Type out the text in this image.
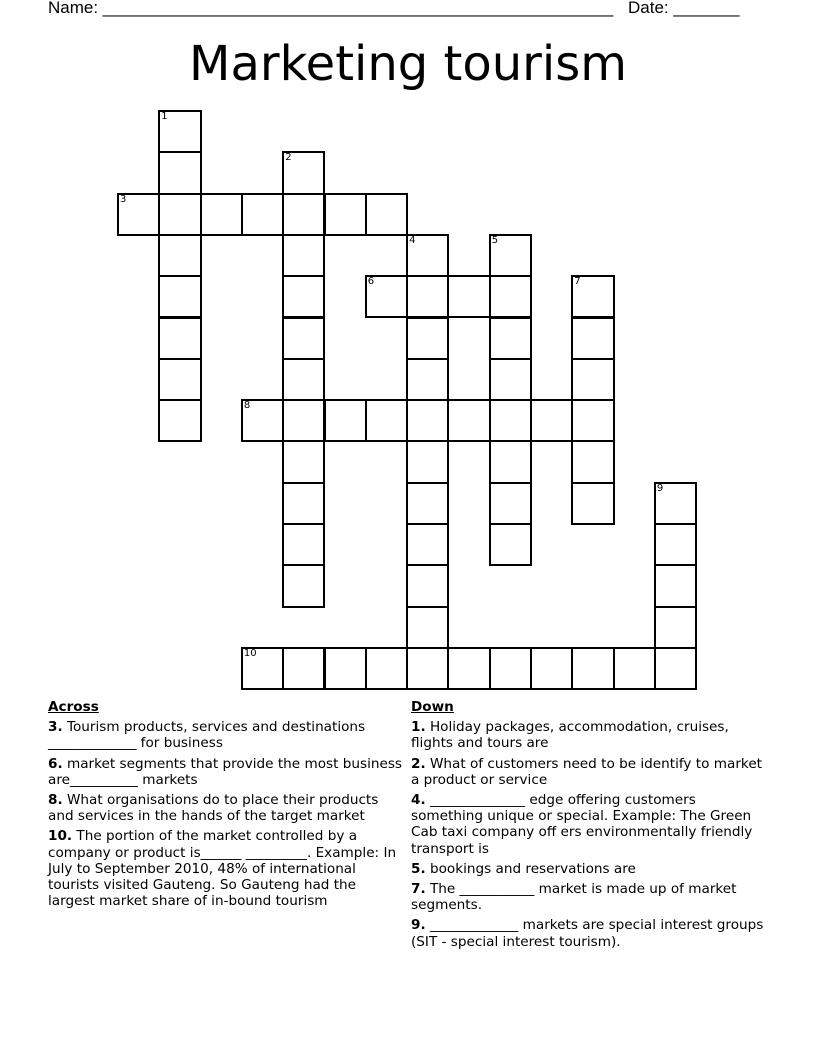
Name: ______________________________________________________ Date: _______
Marketing tourism
1
2
3
4	5
6	7
8
9
10
Across
3. Tourism products, services and destinations _____________ for business
6. market segments that provide the most business are__________ markets
8. What organisations do to place their products and services in the hands of the target market
10. The portion of the market controlled by a company or product is______ _________. Example: In July to September 2010, 48% of international tourists visited Gauteng. So Gauteng had the largest market share of in-bound tourism
Down
1. Holiday packages, accommodation, cruises, flights and tours are
2. What of customers need to be identify to market a product or service
4. ______________ edge offering customers something unique or special. Example: The Green Cab taxi company off ers environmentally friendly transport is
5. bookings and reservations are
7. The ___________ market is made up of market segments.
9. _____________ markets are special interest groups (SIT - special interest tourism).
